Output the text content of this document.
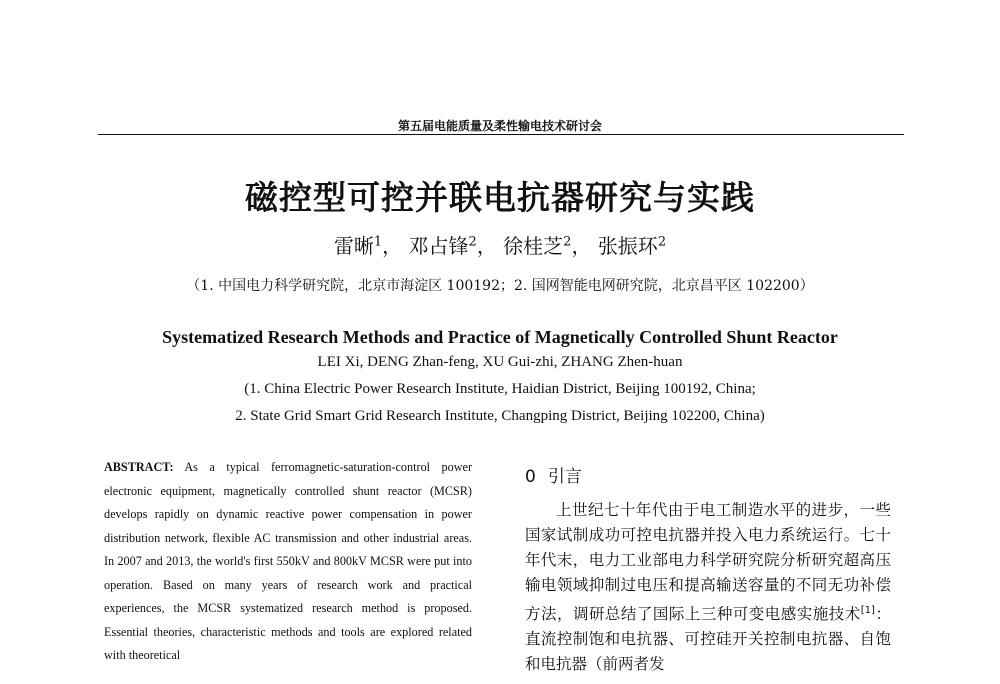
第五届电能质量及柔性输电技术研讨会
磁控型可控并联电抗器研究与实践
雷晰$^1$， 邓占锋$^2$， 徐桂芝$^2$， 张振环$^2$
（1. 中国电力科学研究院，北京市海淀区 100192；2. 国网智能电网研究院，北京昌平区 102200）
Systematized Research Methods and Practice of Magnetically Controlled Shunt Reactor
LEI Xi, DENG Zhan-feng, XU Gui-zhi, ZHANG Zhen-huan
(1. China Electric Power Research Institute, Haidian District, Beijing 100192, China;
2. State Grid Smart Grid Research Institute, Changping District, Beijing 102200, China)
ABSTRACT: As a typical ferromagnetic-saturation-control power electronic equipment, magnetically controlled shunt reactor (MCSR) develops rapidly on dynamic reactive power compensation in power distribution network, flexible AC transmission and other industrial areas. In 2007 and 2013, the world's first 550kV and 800kV MCSR were put into operation. Based on many years of research work and practical experiences, the MCSR systematized research method is proposed. Essential theories, characteristic methods and tools are explored related with theoretical
0 引言

上世纪七十年代由于电工制造水平的进步，一些国家试制成功可控电抗器并投入电力系统运行。七十年代末，电力工业部电力科学研究院分析研究超高压输电领域抑制过电压和提高输送容量的不同无功补偿方法，调研总结了国际上三种可变电感实施技术[1]：直流控制饱和电抗器、可控硅开关控制电抗器、自饱和电抗器（前两者发
